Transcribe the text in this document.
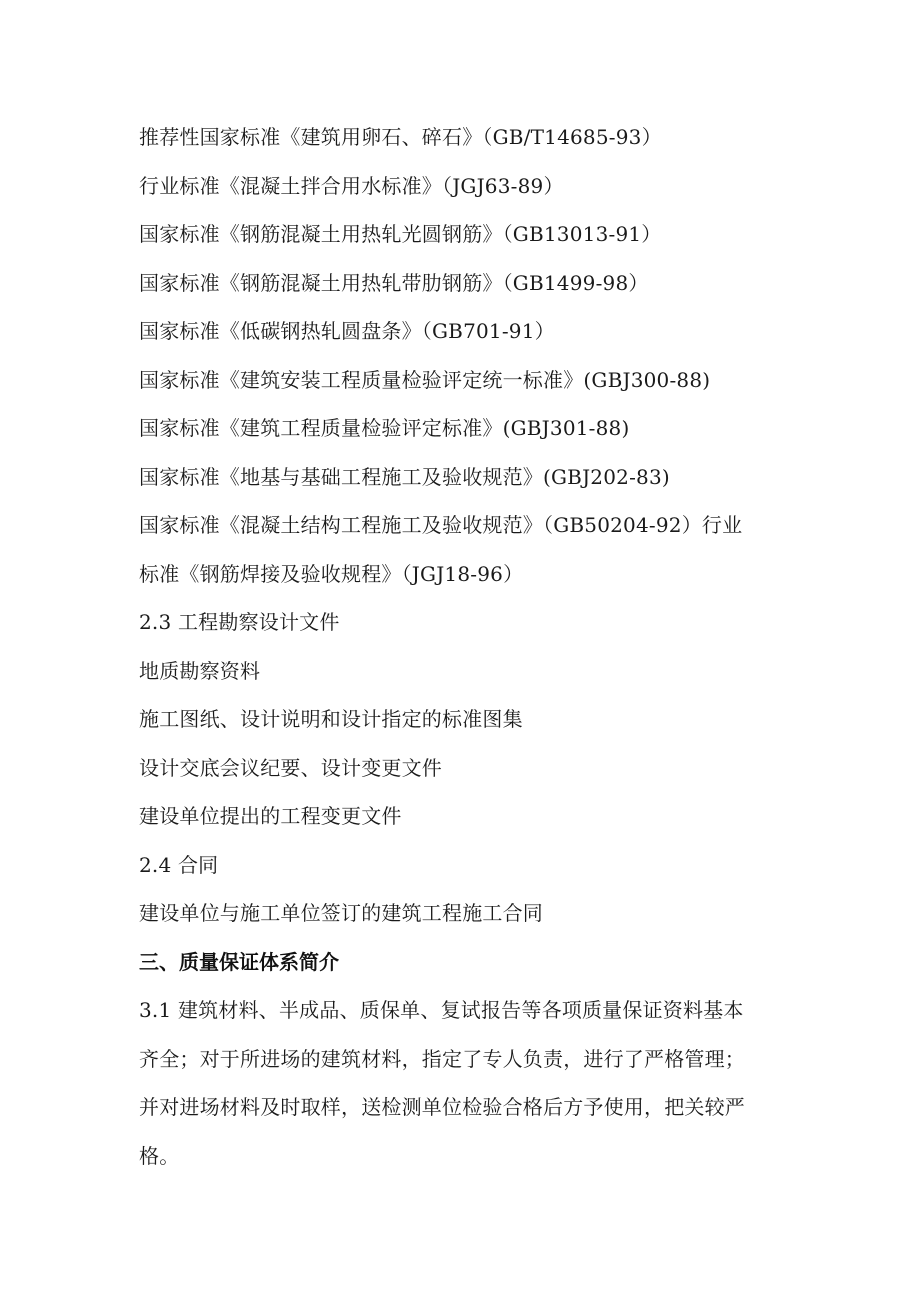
推荐性国家标准《建筑用卵石、碎石》（GB/T14685-93）

行业标准《混凝土拌合用水标准》（JGJ63-89）

国家标准《钢筋混凝土用热轧光圆钢筋》（GB13013-91）

国家标准《钢筋混凝土用热轧带肋钢筋》（GB1499-98）

国家标准《低碳钢热轧圆盘条》（GB701-91）

国家标准《建筑安装工程质量检验评定统一标准》(GBJ300-88)

国家标准《建筑工程质量检验评定标准》(GBJ301-88)

国家标准《地基与基础工程施工及验收规范》(GBJ202-83)

国家标准《混凝土结构工程施工及验收规范》（GB50204-92）行业

标准《钢筋焊接及验收规程》（JGJ18-96）

2.3 工程勘察设计文件

地质勘察资料

施工图纸、设计说明和设计指定的标准图集

设计交底会议纪要、设计变更文件

建设单位提出的工程变更文件

2.4 合同

建设单位与施工单位签订的建筑工程施工合同

三、质量保证体系简介

3.1 建筑材料、半成品、质保单、复试报告等各项质量保证资料基本

齐全；对于所进场的建筑材料，指定了专人负责，进行了严格管理；

并对进场材料及时取样，送检测单位检验合格后方予使用，把关较严

格。
